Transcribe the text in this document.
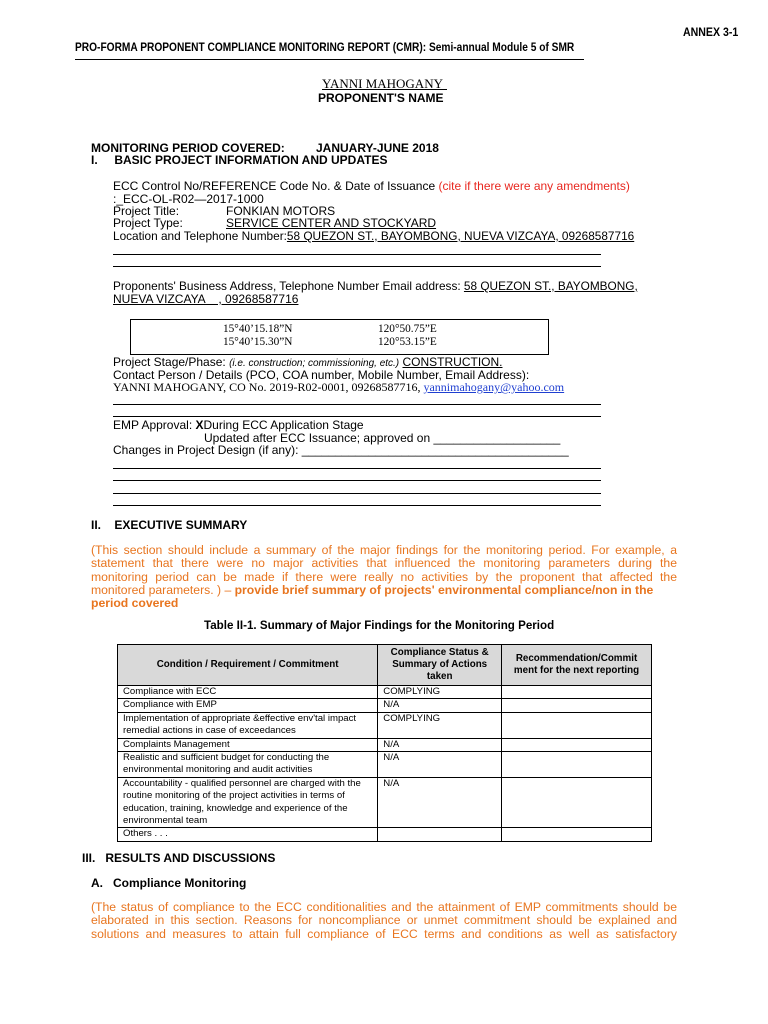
ANNEX 3-1
PRO-FORMA PROPONENT COMPLIANCE MONITORING REPORT (CMR): Semi-annual Module 5 of SMR
YANNI MAHOGANY
PROPONENT'S NAME
MONITORING PERIOD COVERED:	JANUARY-JUNE 2018
I.     BASIC PROJECT INFORMATION AND UPDATES
ECC Control No/REFERENCE Code No. & Date of Issuance (cite if there were any amendments)
:_ECC-OL-R02—2017-1000
Project Title:	FONKIAN MOTORS
Project Type:	SERVICE CENTER AND STOCKYARD
Location and Telephone Number:58 QUEZON ST., BAYOMBONG, NUEVA VIZCAYA, 09268587716
Proponents' Business Address, Telephone Number Email address: 58 QUEZON ST., BAYOMBONG,
NUEVA VIZCAYA    , 09268587716
15°40’15.18”N	120°50.75”E
15°40’15.30”N	120°53.15”E
Project Stage/Phase: (i.e. construction; commissioning, etc.) CONSTRUCTION.
Contact Person / Details (PCO, COA number, Mobile Number, Email Address):
YANNI MAHOGANY, CO No. 2019-R02-0001, 09268587716, yannimahogany@yahoo.com
EMP Approval: XDuring ECC Application Stage
Updated after ECC Issuance; approved on ___________________
Changes in Project Design (if any): ________________________________________
II.    EXECUTIVE SUMMARY
(This section should include a summary of the major findings for the monitoring period. For example, a
statement that there were no major activities that influenced the monitoring parameters during the
monitoring period can be made if there were really no activities by the proponent that affected the
monitored parameters. ) – provide brief summary of projects' environmental compliance/non in the
period covered
Table II-1. Summary of Major Findings for the Monitoring Period
Condition / Requirement / Commitment	Compliance Status & Summary of Actions taken	Recommendation/Commit ment for the next reporting
Compliance with ECC	COMPLYING	
Compliance with EMP	N/A	
Implementation of appropriate &effective env'tal impact remedial actions in case of exceedances	COMPLYING	
Complaints Management	N/A	
Realistic and sufficient budget for conducting the environmental monitoring and audit activities	N/A	
Accountability - qualified personnel are charged with the routine monitoring of the project activities in terms of education, training, knowledge and experience of the environmental team	N/A	
Others . . .		
III.   RESULTS AND DISCUSSIONS
A.   Compliance Monitoring
(The status of compliance to the ECC conditionalities and the attainment of EMP commitments should be
elaborated in this section. Reasons for noncompliance or unmet commitment should be explained and
solutions and measures to attain full compliance of ECC terms and conditions as well as satisfactory
